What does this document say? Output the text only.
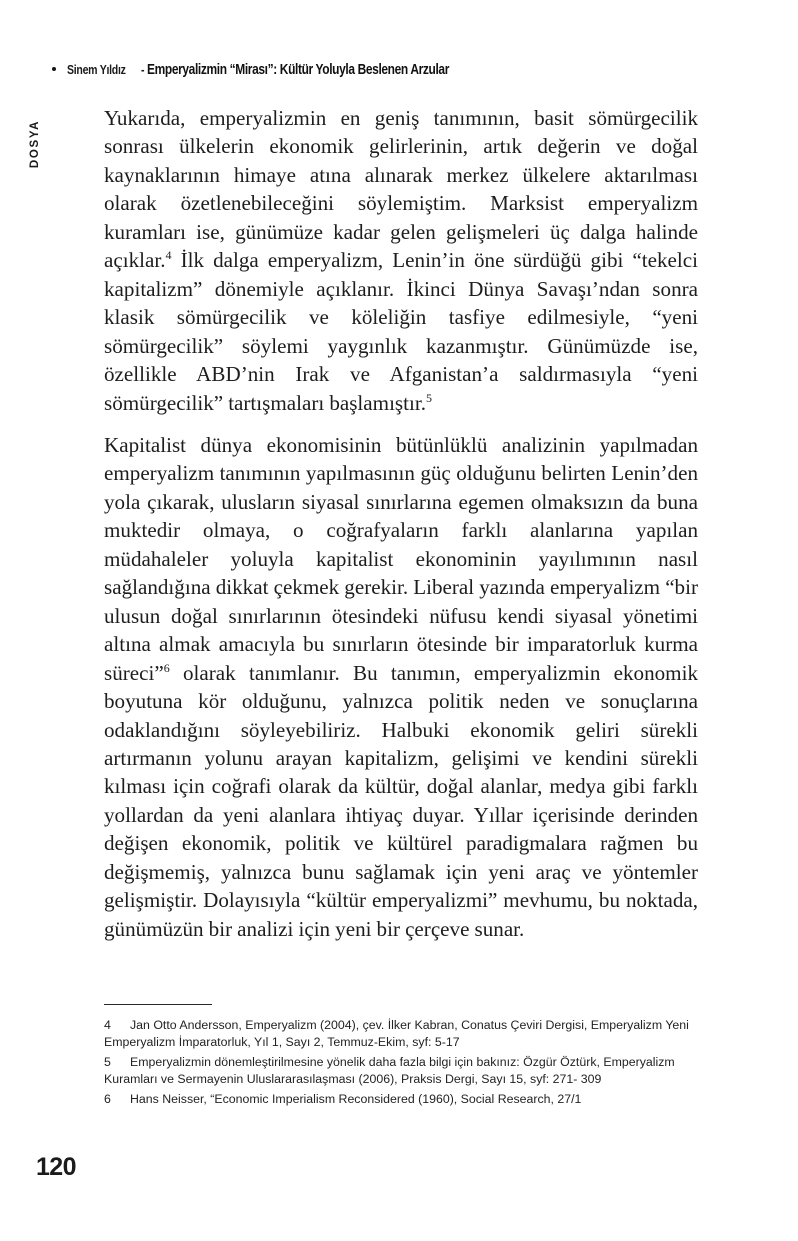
Sinem Yıldız - Emperyalizmin “Mirası”: Kültür Yoluyla Beslenen Arzular
DOSYA

Yukarıda, emperyalizmin en geniş tanımının, basit sömürgecilik sonrası ülkelerin ekonomik gelirlerinin, artık değerin ve doğal kaynaklarının himaye atına alınarak merkez ülkelere aktarılması olarak özetlenebileceğini söylemiştim. Marksist emperyalizm kuramları ise, günümüze kadar gelen gelişmeleri üç dalga halinde açıklar.$^4$ İlk dalga emperyalizm, Lenin’in öne sürdüğü gibi “tekelci kapitalizm” dönemiyle açıklanır. İkinci Dünya Savaşı’ndan sonra klasik sömürgecilik ve köleliğin tasfiye edilmesiyle, “yeni sömürgecilik” söylemi yaygınlık kazanmıştır. Günümüzde ise, özellikle ABD’nin Irak ve Afganistan’a saldırmasıyla “yeni sömürgecilik” tartışmaları başlamıştır.$^5$

Kapitalist dünya ekonomisinin bütünlüklü analizinin yapılmadan emperyalizm tanımının yapılmasının güç olduğunu belirten Lenin’den yola çıkarak, ulusların siyasal sınırlarına egemen olmaksızın da buna muktedir olmaya, o coğrafyaların farklı alanlarına yapılan müdahaleler yoluyla kapitalist ekonominin yayılımının nasıl sağlandığına dikkat çekmek gerekir. Liberal yazında emperyalizm “bir ulusun doğal sınırlarının ötesindeki nüfusu kendi siyasal yönetimi altına almak amacıyla bu sınırların ötesinde bir imparatorluk kurma süreci”$^6$ olarak tanımlanır. Bu tanımın, emperyalizmin ekonomik boyutuna kör olduğunu, yalnızca politik neden ve sonuçlarına odaklandığını söyleyebiliriz. Halbuki ekonomik geliri sürekli artırmanın yolunu arayan kapitalizm, gelişimi ve kendini sürekli kılması için coğrafi olarak da kültür, doğal alanlar, medya gibi farklı yollardan da yeni alanlara ihtiyaç duyar. Yıllar içerisinde derinden değişen ekonomik, politik ve kültürel paradigmalara rağmen bu değişmemiş, yalnızca bunu sağlamak için yeni araç ve yöntemler gelişmiştir. Dolayısıyla “kültür emperyalizmi” mevhumu, bu noktada, günümüzün bir analizi için yeni bir çerçeve sunar.

4 Jan Otto Andersson, Emperyalizm (2004), çev. İlker Kabran, Conatus Çeviri Dergisi, Emperyalizm Yeni Emperyalizm İmparatorluk, Yıl 1, Sayı 2, Temmuz-Ekim, syf: 5-17

5 Emperyalizmin dönemleştirilmesine yönelik daha fazla bilgi için bakınız: Özgür Öztürk, Emperyalizm Kuramları ve Sermayenin Uluslararasılaşması (2006), Praksis Dergi, Sayı 15, syf: 271- 309

6 Hans Neisser, “Economic Imperialism Reconsidered (1960), Social Research, 27/1

120
